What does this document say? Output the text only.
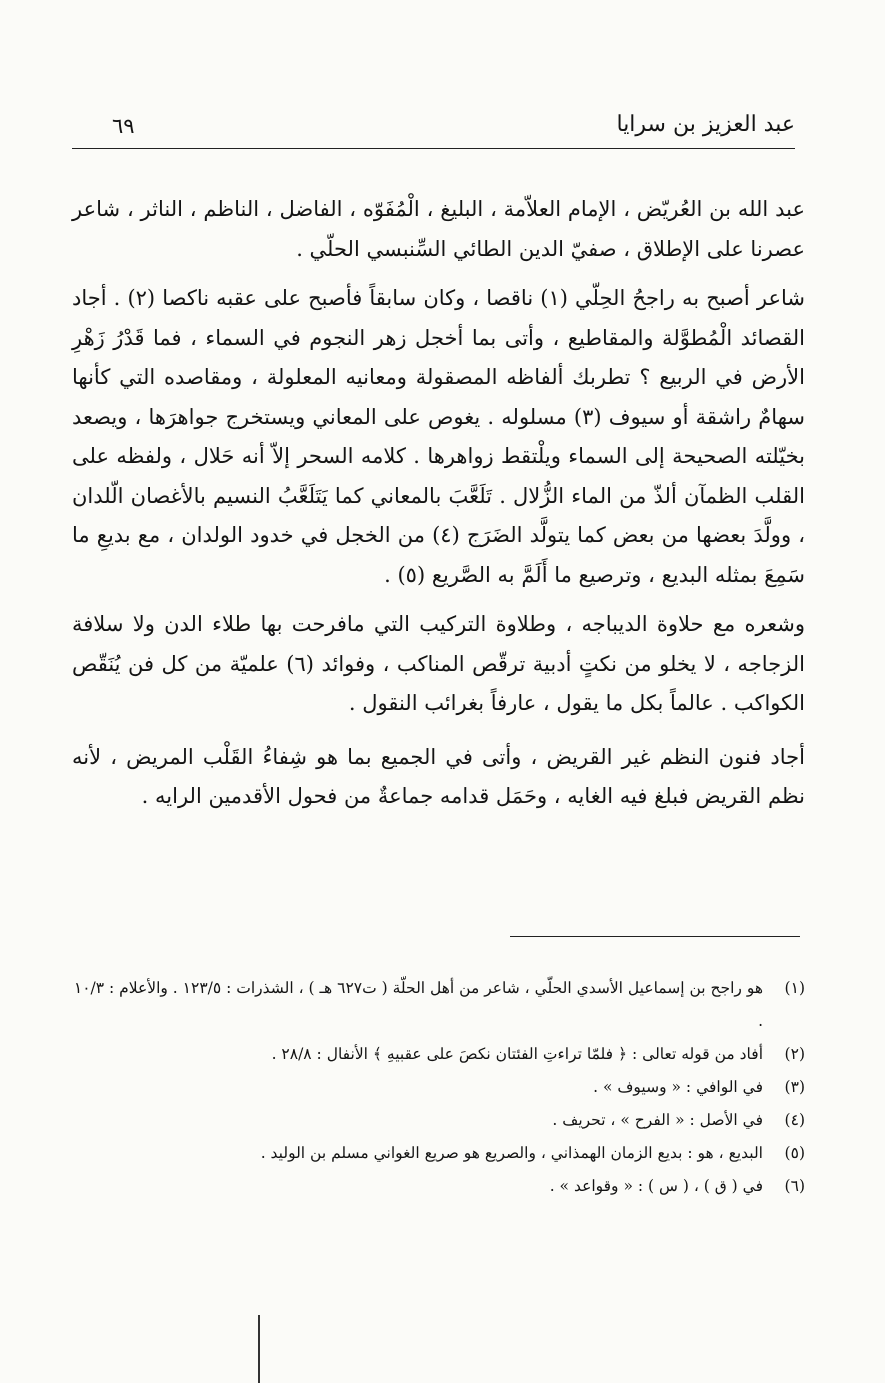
عبد العزيز بن سرايا
٦٩

عبد الله بن العُريّض ، الإمام العلاّمة ، البليغ ، الْمُفَوّه ، الفاضل ، الناظم ، الناثر ، شاعر عصرنا على الإطلاق ، صفيّ الدين الطائي السِّنبسي الحلّي .

شاعر أصبح به راجحُ الحِلّي (١) ناقصا ، وكان سابقاً فأصبح على عقبه ناكصا (٢) . أجاد القصائد الْمُطوَّلة والمقاطيع ، وأتى بما أخجل زهر النجوم في السماء ، فما قَدْرُ زَهْرِ الأرض في الربيع ؟ تطربك ألفاظه المصقولة ومعانيه المعلولة ، ومقاصده التي كأنها سهامٌ راشقة أو سيوف (٣) مسلوله . يغوص على المعاني ويستخرج جواهرَها ، ويصعد بخيّلته الصحيحة إلى السماء ويلْتقط زواهرها . كلامه السحر إلاّ أنه حَلال ، ولفظه على القلب الظمآن ألذّ من الماء الزُّلال . تَلَعَّبَ بالمعاني كما يَتَلَعَّبُ النسيم بالأغصان الّلدان ، وولَّدَ بعضها من بعض كما يتولَّد الضَرَج (٤) من الخجل في خدود الولدان ، مع بديعِ ما سَمِعَ بمثله البديع ، وترصيع ما أَلَمَّ به الصَّريع (٥) .

وشعره مع حلاوة الديباجه ، وطلاوة التركيب التي مافرحت بها طلاء الدن ولا سلافة الزجاجه ، لا يخلو من نكتٍ أدبية ترقّص المناكب ، وفوائد (٦) علميّة من كل فن يُنَقّص الكواكب . عالماً بكل ما يقول ، عارفاً بغرائب النقول .

أجاد فنون النظم غير القريض ، وأتى في الجميع بما هو شِفاءُ القَلْب المريض ، لأنه نظم القريض فبلغ فيه الغايه ، وحَمَل قدامه جماعةٌ من فحول الأقدمين الرايه .

(١)
هو راجح بن إسماعيل الأسدي الحلّي ، شاعر من أهل الحلّة ( ت٦٢٧ هـ ) ، الشذرات : ١٢٣/٥ . والأعلام : ١٠/٣ .
(٢)
أفاد من قوله تعالى : ﴿ فلمّا تراءتِ الفئتان نكصَ على عقبيهِ ﴾ الأنفال : ٢٨/٨ .
(٣)
في الوافي : « وسيوف » .
(٤)
في الأصل : « الفرح » ، تحريف .
(٥)
البديع ، هو : بديع الزمان الهمذاني ، والصريع هو صريع الغواني مسلم بن الوليد .
(٦)
في ( ق ) ، ( س ) : « وقواعد » .
